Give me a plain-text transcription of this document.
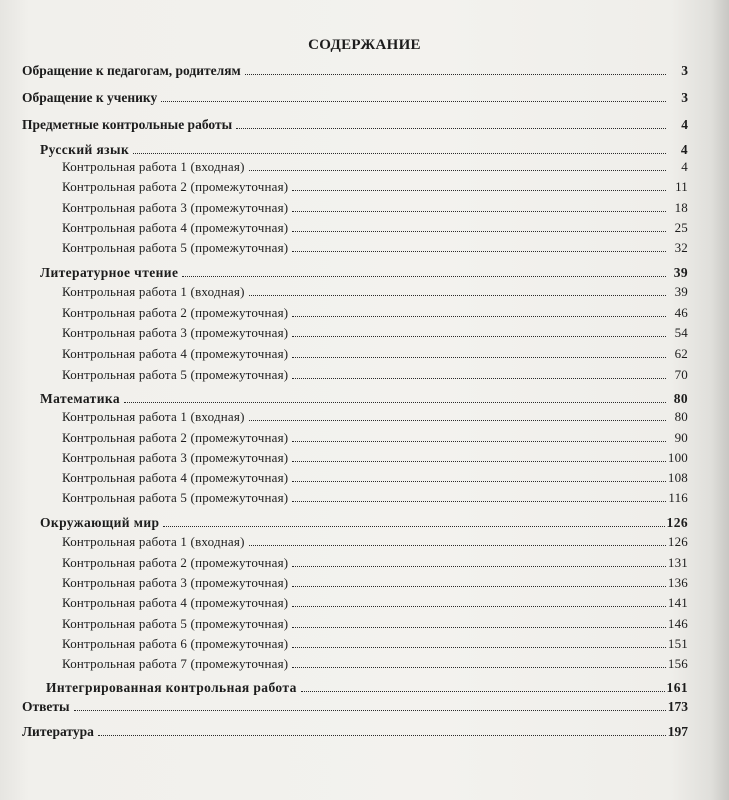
СОДЕРЖАНИЕ
Обращение к педагогам, родителям	3
Обращение к ученику	3
Предметные контрольные работы	4
Русский язык	4
Контрольная работа 1 (входная)	4
Контрольная работа 2 (промежуточная)	11
Контрольная работа 3 (промежуточная)	18
Контрольная работа 4 (промежуточная)	25
Контрольная работа 5 (промежуточная)	32
Литературное чтение	39
Контрольная работа 1 (входная)	39
Контрольная работа 2 (промежуточная)	46
Контрольная работа 3 (промежуточная)	54
Контрольная работа 4 (промежуточная)	62
Контрольная работа 5 (промежуточная)	70
Математика	80
Контрольная работа 1 (входная)	80
Контрольная работа 2 (промежуточная)	90
Контрольная работа 3 (промежуточная)	100
Контрольная работа 4 (промежуточная)	108
Контрольная работа 5 (промежуточная)	116
Окружающий мир	126
Контрольная работа 1 (входная)	126
Контрольная работа 2 (промежуточная)	131
Контрольная работа 3 (промежуточная)	136
Контрольная работа 4 (промежуточная)	141
Контрольная работа 5 (промежуточная)	146
Контрольная работа 6 (промежуточная)	151
Контрольная работа 7 (промежуточная)	156
Интегрированная контрольная работа	161
Ответы	173
Литература	197
